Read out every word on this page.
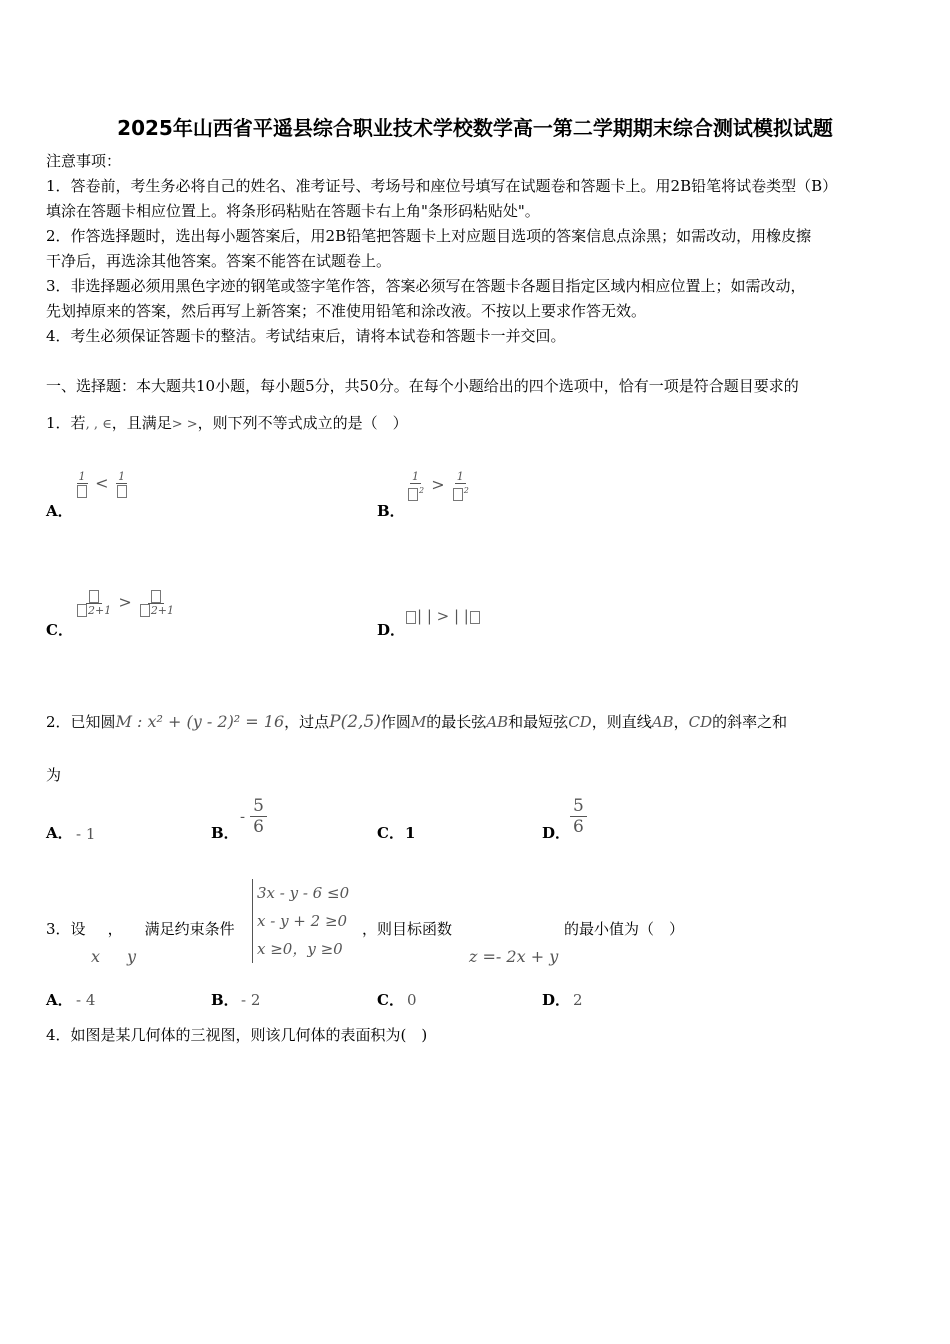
2025年山西省平遥县综合职业技术学校数学高一第二学期期末综合测试模拟试题
注意事项：
1．答卷前，考生务必将自己的姓名、准考证号、考场号和座位号填写在试题卷和答题卡上。用2B铅笔将试卷类型（B）
填涂在答题卡相应位置上。将条形码粘贴在答题卡右上角"条形码粘贴处"。
2．作答选择题时，选出每小题答案后，用2B铅笔把答题卡上对应题目选项的答案信息点涂黑；如需改动，用橡皮擦
干净后，再选涂其他答案。答案不能答在试题卷上。
3．非选择题必须用黑色字迹的钢笔或签字笔作答，答案必须写在答题卡各题目指定区域内相应位置上；如需改动，
先划掉原来的答案，然后再写上新答案；不准使用铅笔和涂改液。不按以上要求作答无效。
4．考生必须保证答题卡的整洁。考试结束后，请将本试卷和答题卡一并交回。
一、选择题：本大题共10小题，每小题5分，共50分。在每个小题给出的四个选项中，恰有一项是符合题目要求的
1．若, , ∈，且满足> >，则下列不等式成立的是（　）
A．
1 < 1
B．
$\frac{1}{^2} > \frac{1}{^2}$
C．
2+1 >	2+1
D．
| | > | |
2．已知圆M : x² + (y - 2)² = 16，过点P(2,5)作圆M的最长弦AB和最短弦CD，则直线AB，CD的斜率之和
为
A． - 1	B．
- $\frac{5}{6}$	C． 1	D． $\frac{5}{6}$
3．设 ， 满足约束条件
x y
3x - y - 6 ≤0
x - y + 2 ≥0
x ≥0，y ≥0
，则目标函数
z =- 2x + y
的最小值为（　）
A． - 4	B． - 2	C． 0	D． 2
4．如图是某几何体的三视图，则该几何体的表面积为(　)
